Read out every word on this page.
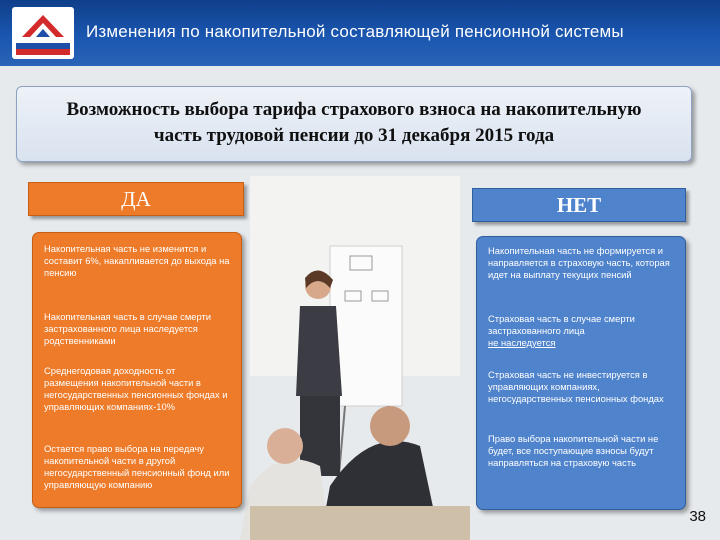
Изменения по накопительной составляющей пенсионной системы
Возможность выбора тарифа страхового взноса на накопительную
часть трудовой пенсии до 31 декабря 2015 года
ДА
Накопительная часть не изменится и составит 6%, накапливается до выхода на пенсию
Накопительная часть в случае смерти застрахованного лица наследуется родственниками
Среднегодовая доходность от размещения накопительной части в негосударственных пенсионных фондах и управляющих компаниях-10%
Остается право выбора на передачу накопительной части в другой негосударственный пенсионный фонд или управляющую компанию
НЕТ
Накопительная часть не формируется и направляется в страховую часть, которая идет на выплату текущих пенсий
Страховая часть в случае смерти застрахованного лица
не наследуется
Страховая часть не инвестируется в управляющих компаниях, негосударственных пенсионных фондах
Право выбора накопительной части не будет, все поступающие взносы будут направляться на страховую часть
38
